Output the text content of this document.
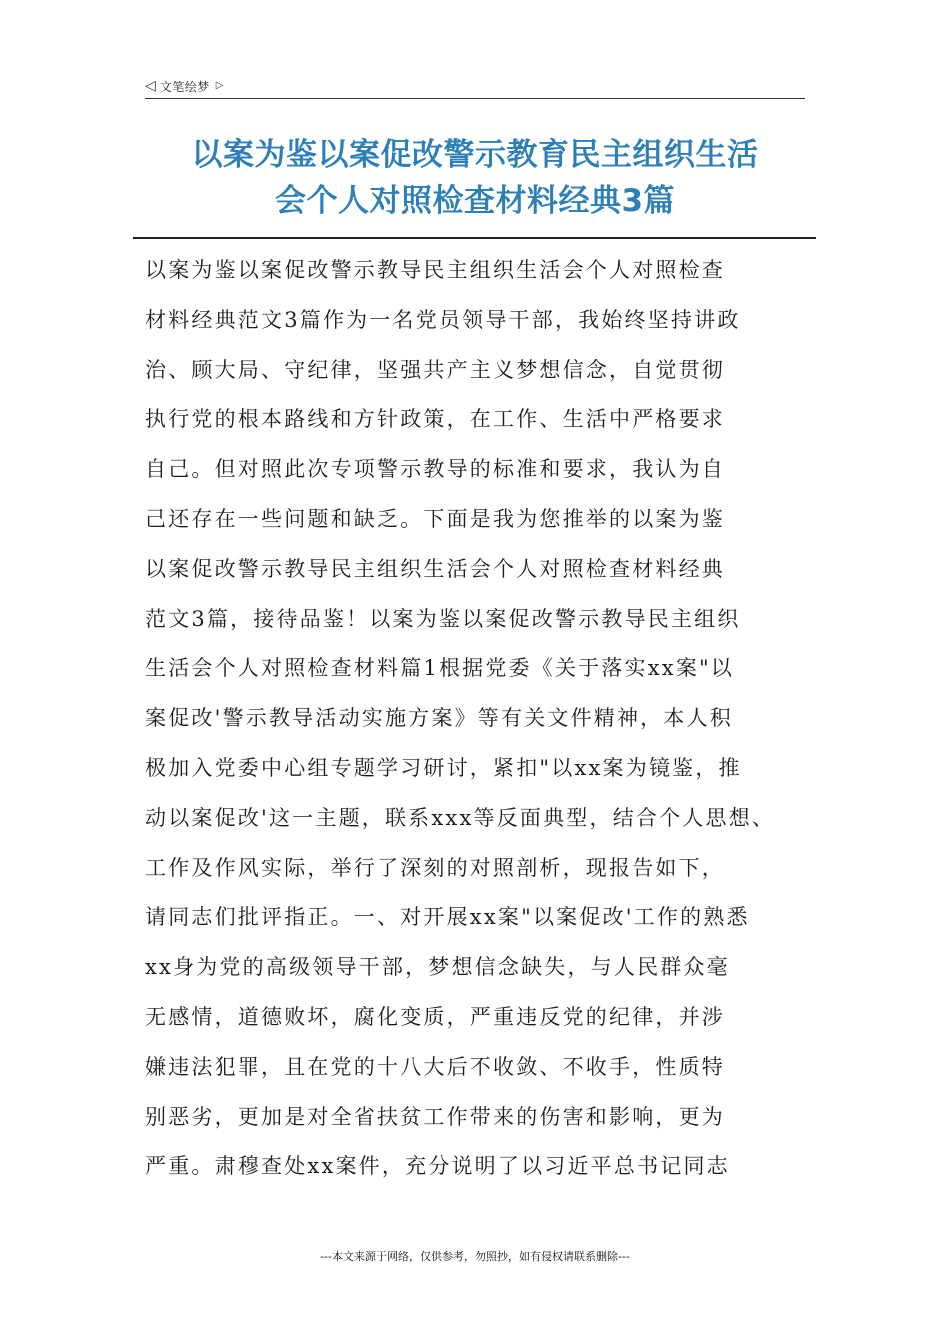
◁ 文笔绘梦 ▷
以案为鉴以案促改警示教育民主组织生活
会个人对照检查材料经典3篇
以案为鉴以案促改警示教导民主组织生活会个人对照检查
材料经典范文3篇作为一名党员领导干部，我始终坚持讲政
治、顾大局、守纪律，坚强共产主义梦想信念，自觉贯彻
执行党的根本路线和方针政策，在工作、生活中严格要求
自己。但对照此次专项警示教导的标准和要求，我认为自
己还存在一些问题和缺乏。下面是我为您推举的以案为鉴
以案促改警示教导民主组织生活会个人对照检查材料经典
范文3篇，接待品鉴！以案为鉴以案促改警示教导民主组织
生活会个人对照检查材料篇1根据党委《关于落实xx案"以
案促改'警示教导活动实施方案》等有关文件精神，本人积
极加入党委中心组专题学习研讨，紧扣"以xx案为镜鉴，推
动以案促改'这一主题，联系xxx等反面典型，结合个人思想、
工作及作风实际，举行了深刻的对照剖析，现报告如下，
请同志们批评指正。一、对开展xx案"以案促改'工作的熟悉
xx身为党的高级领导干部，梦想信念缺失，与人民群众毫
无感情，道德败坏，腐化变质，严重违反党的纪律，并涉
嫌违法犯罪，且在党的十八大后不收敛、不收手，性质特
别恶劣，更加是对全省扶贫工作带来的伤害和影响，更为
严重。肃穆查处xx案件，充分说明了以习近平总书记同志
---本文来源于网络，仅供参考，勿照抄，如有侵权请联系删除---
